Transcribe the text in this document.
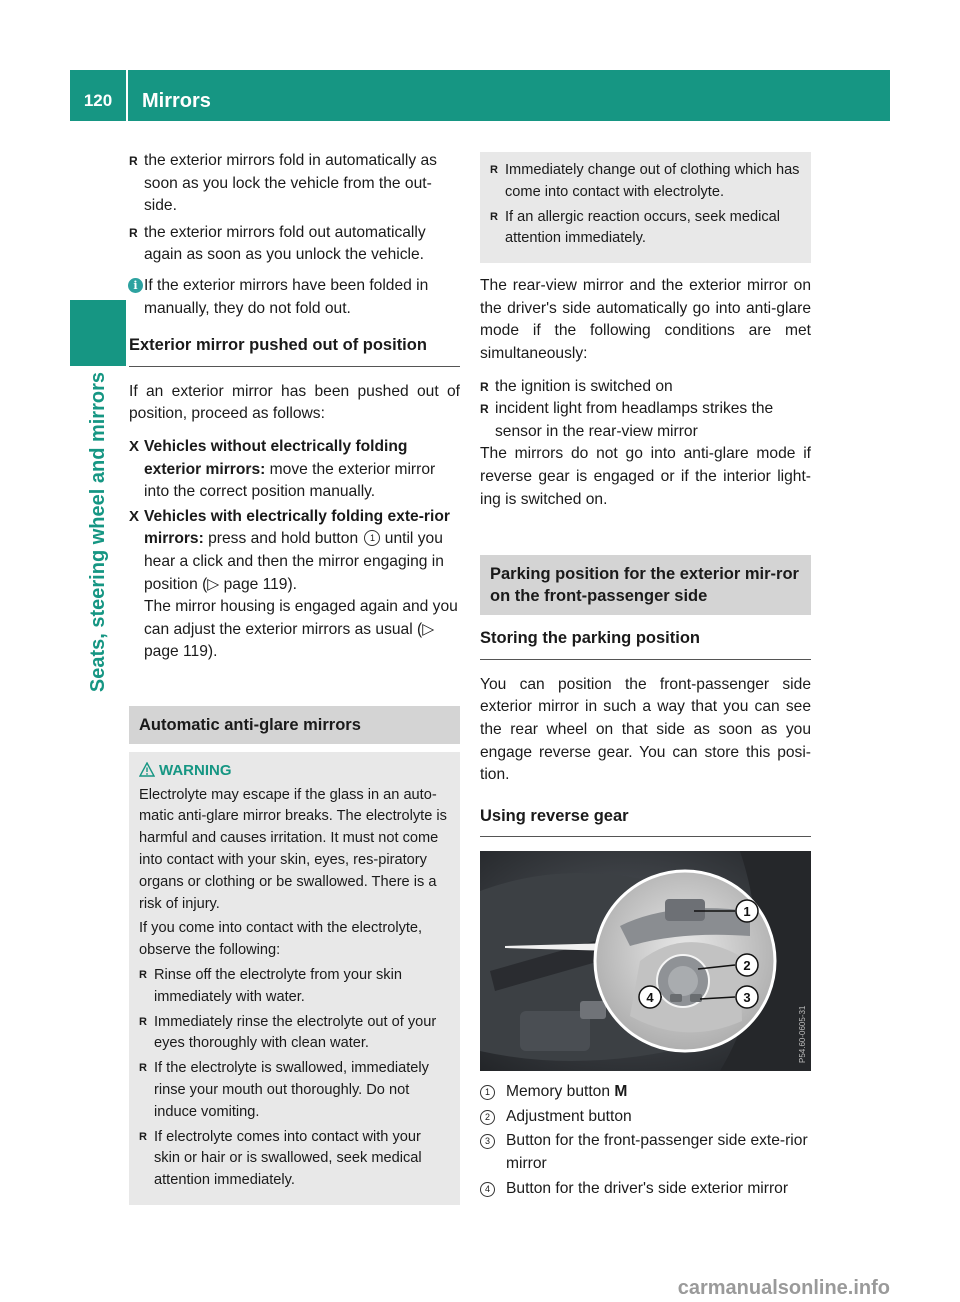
120	Mirrors
Seats, steering wheel and mirrors

R the exterior mirrors fold in automatically as soon as you lock the vehicle from the out-side.

R the exterior mirrors fold out automatically again as soon as you unlock the vehicle.

i If the exterior mirrors have been folded in manually, they do not fold out.
Exterior mirror pushed out of position

If an exterior mirror has been pushed out of position, proceed as follows:

X Vehicles without electrically folding exterior mirrors: move the exterior mirror into the correct position manually.

X Vehicles with electrically folding exte-rior mirrors: press and hold button 1 until you hear a click and then the mirror engaging in position (▷ page 119).
The mirror housing is engaged again and you can adjust the exterior mirrors as usual (▷ page 119).

Automatic anti-glare mirrors

WARNING

Electrolyte may escape if the glass in an auto-matic anti-glare mirror breaks. The electrolyte is harmful and causes irritation. It must not come into contact with your skin, eyes, res-piratory organs or clothing or be swallowed. There is a risk of injury.

If you come into contact with the electrolyte, observe the following:

R Rinse off the electrolyte from your skin immediately with water.

R Immediately rinse the electrolyte out of your eyes thoroughly with clean water.

R If the electrolyte is swallowed, immediately rinse your mouth out thoroughly. Do not induce vomiting.

R If electrolyte comes into contact with your skin or hair or is swallowed, seek medical attention immediately.

R Immediately change out of clothing which has come into contact with electrolyte.

R If an allergic reaction occurs, seek medical attention immediately.

The rear-view mirror and the exterior mirror on the driver's side automatically go into anti-glare mode if the following conditions are met simultaneously:

R the ignition is switched on

R incident light from headlamps strikes the sensor in the rear-view mirror

The mirrors do not go into anti-glare mode if reverse gear is engaged or if the interior light-ing is switched on.

Parking position for the exterior mir-ror on the front-passenger side
Storing the parking position

You can position the front-passenger side exterior mirror in such a way that you can see the rear wheel on that side as soon as you engage reverse gear. You can store this posi-tion.

Using reverse gear
1
2
3
4
P54.60-0605-31
1	Memory button M
2	Adjustment button
3	Button for the front-passenger side exte-rior mirror
4	Button for the driver's side exterior mirror
carmanualsonline.info
